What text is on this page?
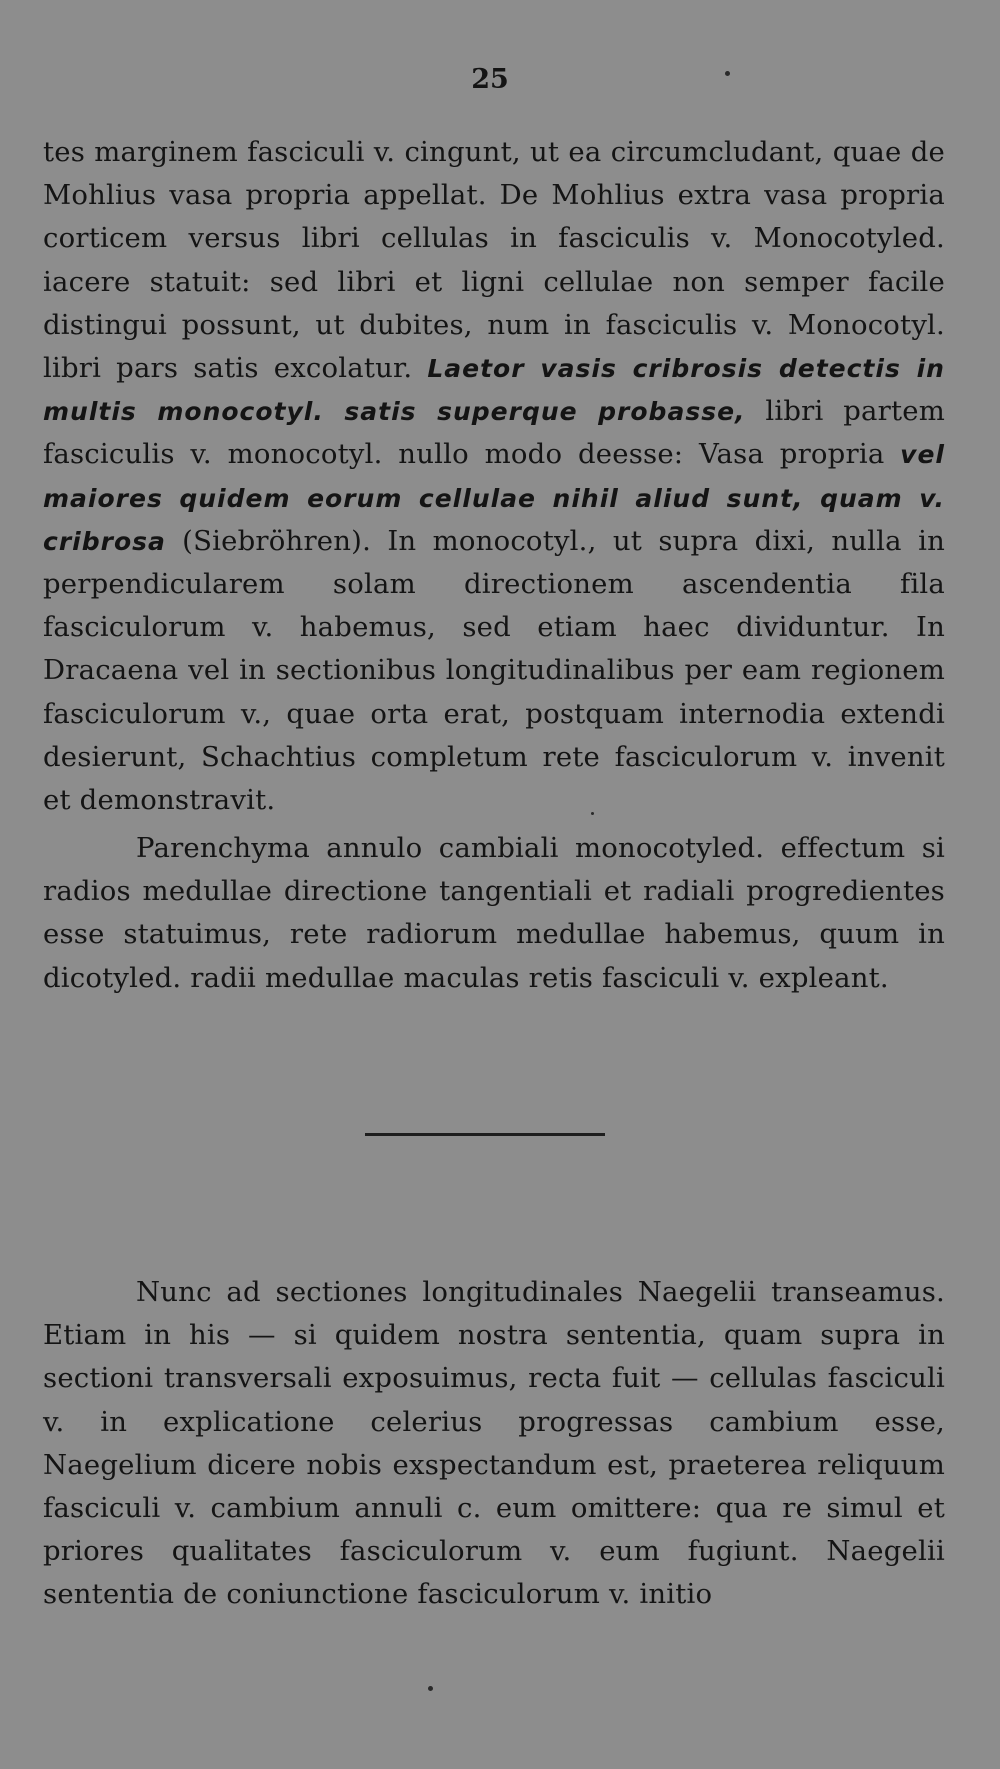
25

tes marginem fasciculi v. cingunt, ut ea circumcludant, quae de Mohlius vasa propria appellat. De Mohlius extra vasa propria corticem versus libri cellulas in fasciculis v. Monocotyled. iacere statuit: sed libri et ligni cellulae non semper facile distingui possunt, ut dubites, num in fasciculis v. Monocotyl. libri pars satis excolatur. Laetor vasis cribrosis detectis in multis monocotyl. satis superque probasse, libri partem fasciculis v. monocotyl. nullo modo deesse: Vasa propria vel maiores quidem eorum cellulae nihil aliud sunt, quam v. cribrosa (Siebröhren). In monocotyl., ut supra dixi, nulla in perpendicularem solam directionem ascendentia fila fasciculorum v. habemus, sed etiam haec dividuntur. In Dracaena vel in sectionibus longitudinalibus per eam regionem fasciculorum v., quae orta erat, postquam internodia extendi desierunt, Schachtius completum rete fasciculorum v. invenit et demonstravit.

Parenchyma annulo cambiali monocotyled. effectum si radios medullae directione tangentiali et radiali progredientes esse statuimus, rete radiorum medullae habemus, quum in dicotyled. radii medullae maculas retis fasciculi v. expleant.

Nunc ad sectiones longitudinales Naegelii transeamus. Etiam in his — si quidem nostra sententia, quam supra in sectioni transversali exposuimus, recta fuit — cellulas fasciculi v. in explicatione celerius progressas cambium esse, Naegelium dicere nobis exspectandum est, praeterea reliquum fasciculi v. cambium annuli c. eum omittere: qua re simul et priores qualitates fasciculorum v. eum fugiunt. Naegelii sententia de coniunctione fasciculorum v. initio
